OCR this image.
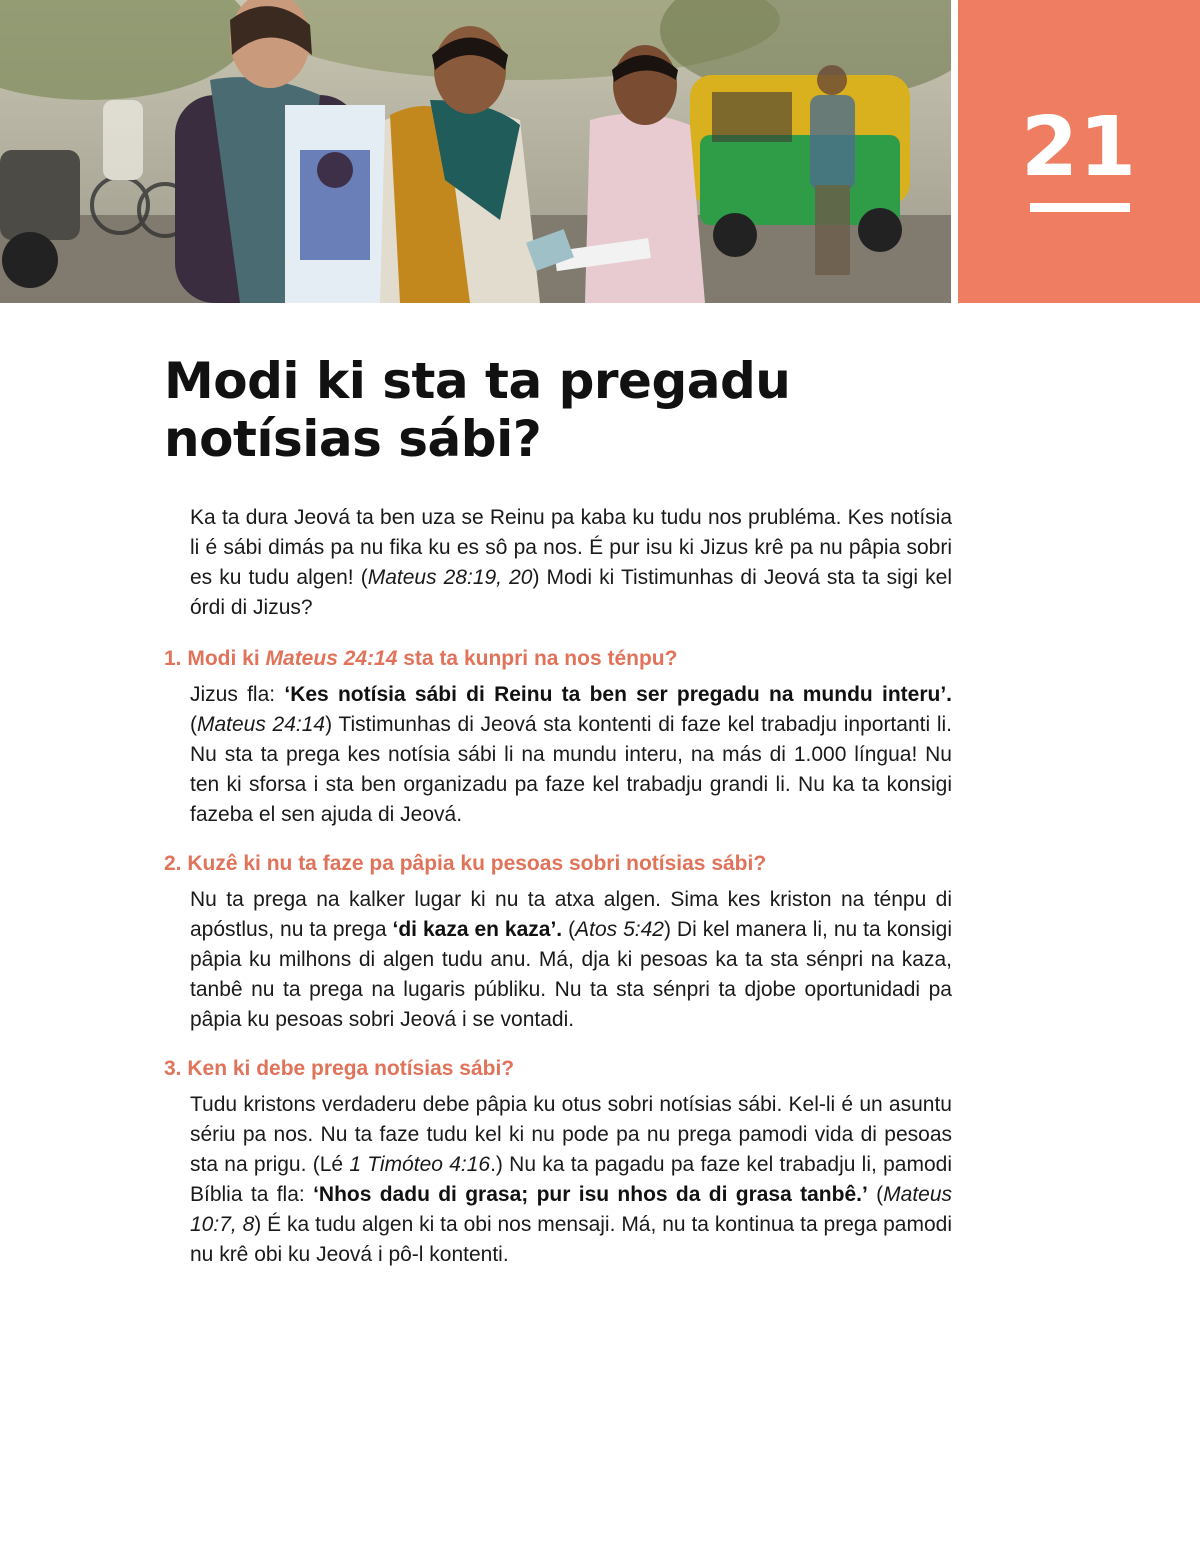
21
Modi ki sta ta pregadu
notísias sábi?

Ka ta dura Jeová ta ben uza se Reinu pa kaba ku tudu nos prubléma. Kes notísia li é sábi dimás pa nu fika ku es sô pa nos. É pur isu ki Jizus krê pa nu pâpia sobri es ku tudu algen! (Mateus 28:19, 20) Modi ki Tistimunhas di Jeová sta ta sigi kel órdi di Jizus?

1. Modi ki Mateus 24:14 sta ta kunpri na nos ténpu?

Jizus fla: ‘Kes notísia sábi di Reinu ta ben ser pregadu na mundu interu’. (Mateus 24:14) Tistimunhas di Jeová sta kontenti di faze kel trabadju inportanti li. Nu sta ta prega kes notísia sábi li na mundu interu, na más di 1.000 língua! Nu ten ki sforsa i sta ben organizadu pa faze kel trabadju grandi li. Nu ka ta konsigi fazeba el sen ajuda di Jeová.

2. Kuzê ki nu ta faze pa pâpia ku pesoas sobri notísias sábi?

Nu ta prega na kalker lugar ki nu ta atxa algen. Sima kes kriston na ténpu di apóstlus, nu ta prega ‘di kaza en kaza’. (Atos 5:42) Di kel manera li, nu ta konsigi pâpia ku milhons di algen tudu anu. Má, dja ki pesoas ka ta sta sénpri na kaza, tanbê nu ta prega na lugaris públiku. Nu ta sta sénpri ta djobe oportunidadi pa pâpia ku pesoas sobri Jeová i se vontadi.

3. Ken ki debe prega notísias sábi?

Tudu kristons verdaderu debe pâpia ku otus sobri notísias sábi. Kel-li é un asuntu sériu pa nos. Nu ta faze tudu kel ki nu pode pa nu prega pamodi vida di pesoas sta na prigu. (Lé 1 Timóteo 4:16.) Nu ka ta pagadu pa faze kel trabadju li, pamodi Bíblia ta fla: ‘Nhos dadu di grasa; pur isu nhos da di grasa tanbê.’ (Mateus 10:7, 8) É ka tudu algen ki ta obi nos mensaji. Má, nu ta kontinua ta prega pamodi nu krê obi ku Jeová i pô-l kontenti.
